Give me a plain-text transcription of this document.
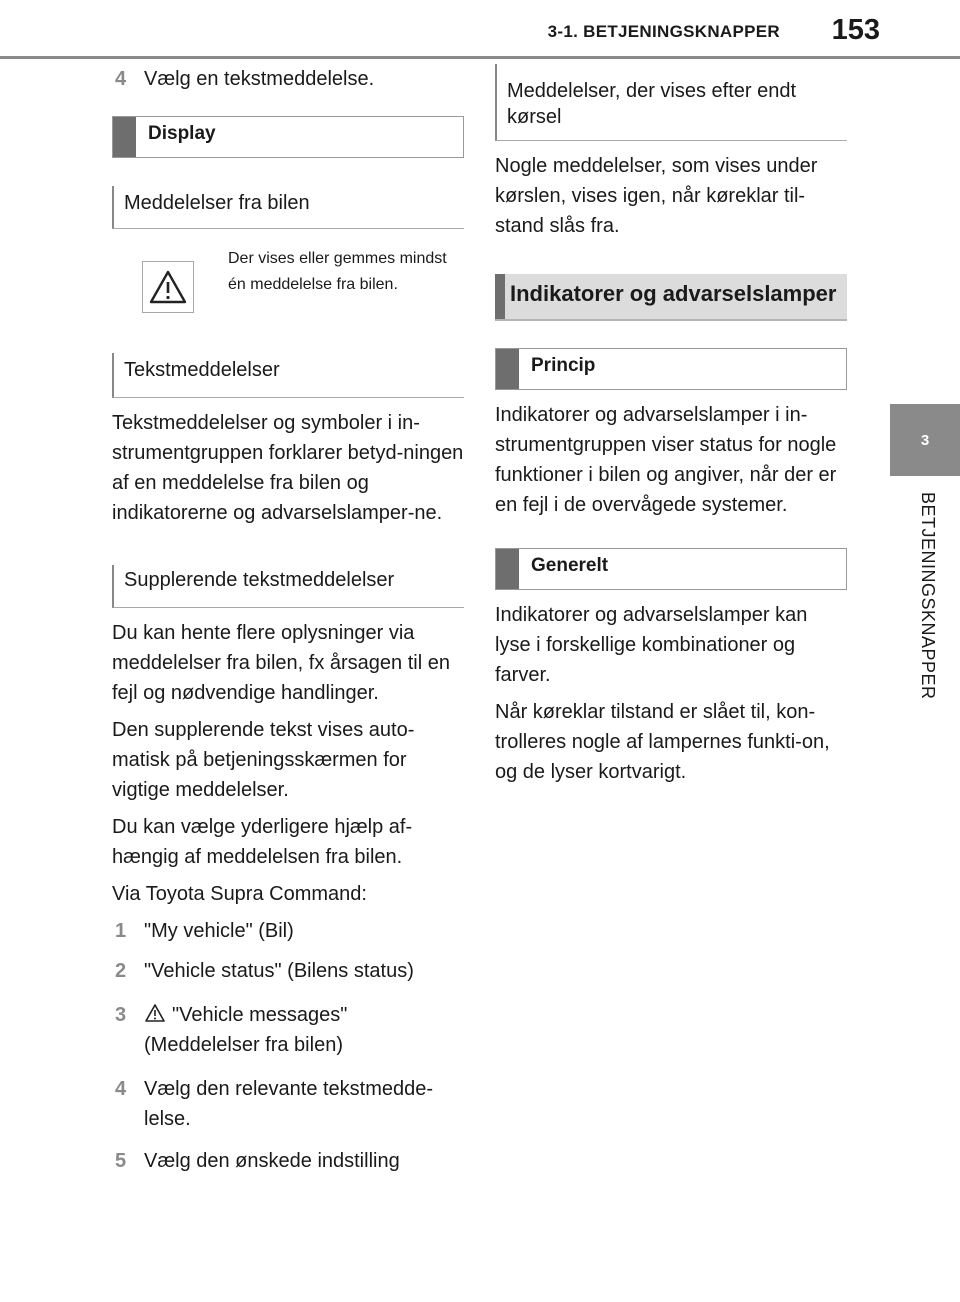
3-1. BETJENINGSKNAPPER 153
3
BETJENINGSKNAPPER
4 Vælg en tekstmeddelelse.
Display
Meddelelser fra bilen
Der vises eller gemmes mindst én meddelelse fra bilen.
Tekstmeddelelser

Tekstmeddelelser og symboler i in-strumentgruppen forklarer betyd-ningen af en meddelelse fra bilen og indikatorerne og advarselslamper-ne.

Supplerende tekstmeddelelser

Du kan hente flere oplysninger via meddelelser fra bilen, fx årsagen til en fejl og nødvendige handlinger.

Den supplerende tekst vises auto-matisk på betjeningsskærmen for vigtige meddelelser.

Du kan vælge yderligere hjælp af-hængig af meddelelsen fra bilen.

Via Toyota Supra Command:

1 "My vehicle" (Bil)
2 "Vehicle status" (Bilens status)
3 "Vehicle messages" (Meddelelser fra bilen)
4 Vælg den relevante tekstmedde-lelse.
5 Vælg den ønskede indstilling
Meddelelser, der vises efter endt kørsel

Nogle meddelelser, som vises under kørslen, vises igen, når køreklar til-stand slås fra.

Indikatorer og advarselslamper
Princip

Indikatorer og advarselslamper i in-strumentgruppen viser status for nogle funktioner i bilen og angiver, når der er en fejl i de overvågede systemer.

Generelt

Indikatorer og advarselslamper kan lyse i forskellige kombinationer og farver.

Når køreklar tilstand er slået til, kon-trolleres nogle af lampernes funkti-on, og de lyser kortvarigt.
